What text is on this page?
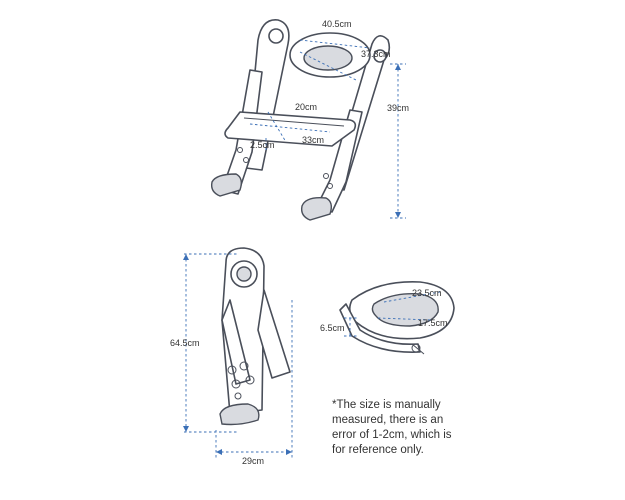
40.5cm
37.3cm
39cm
20cm
33cm
2.5cm
64.5cm
29cm
23.5cm
17.5cm
6.5cm
*The size is manually
measured, there is an
error of 1-2cm, which is
for reference only.
